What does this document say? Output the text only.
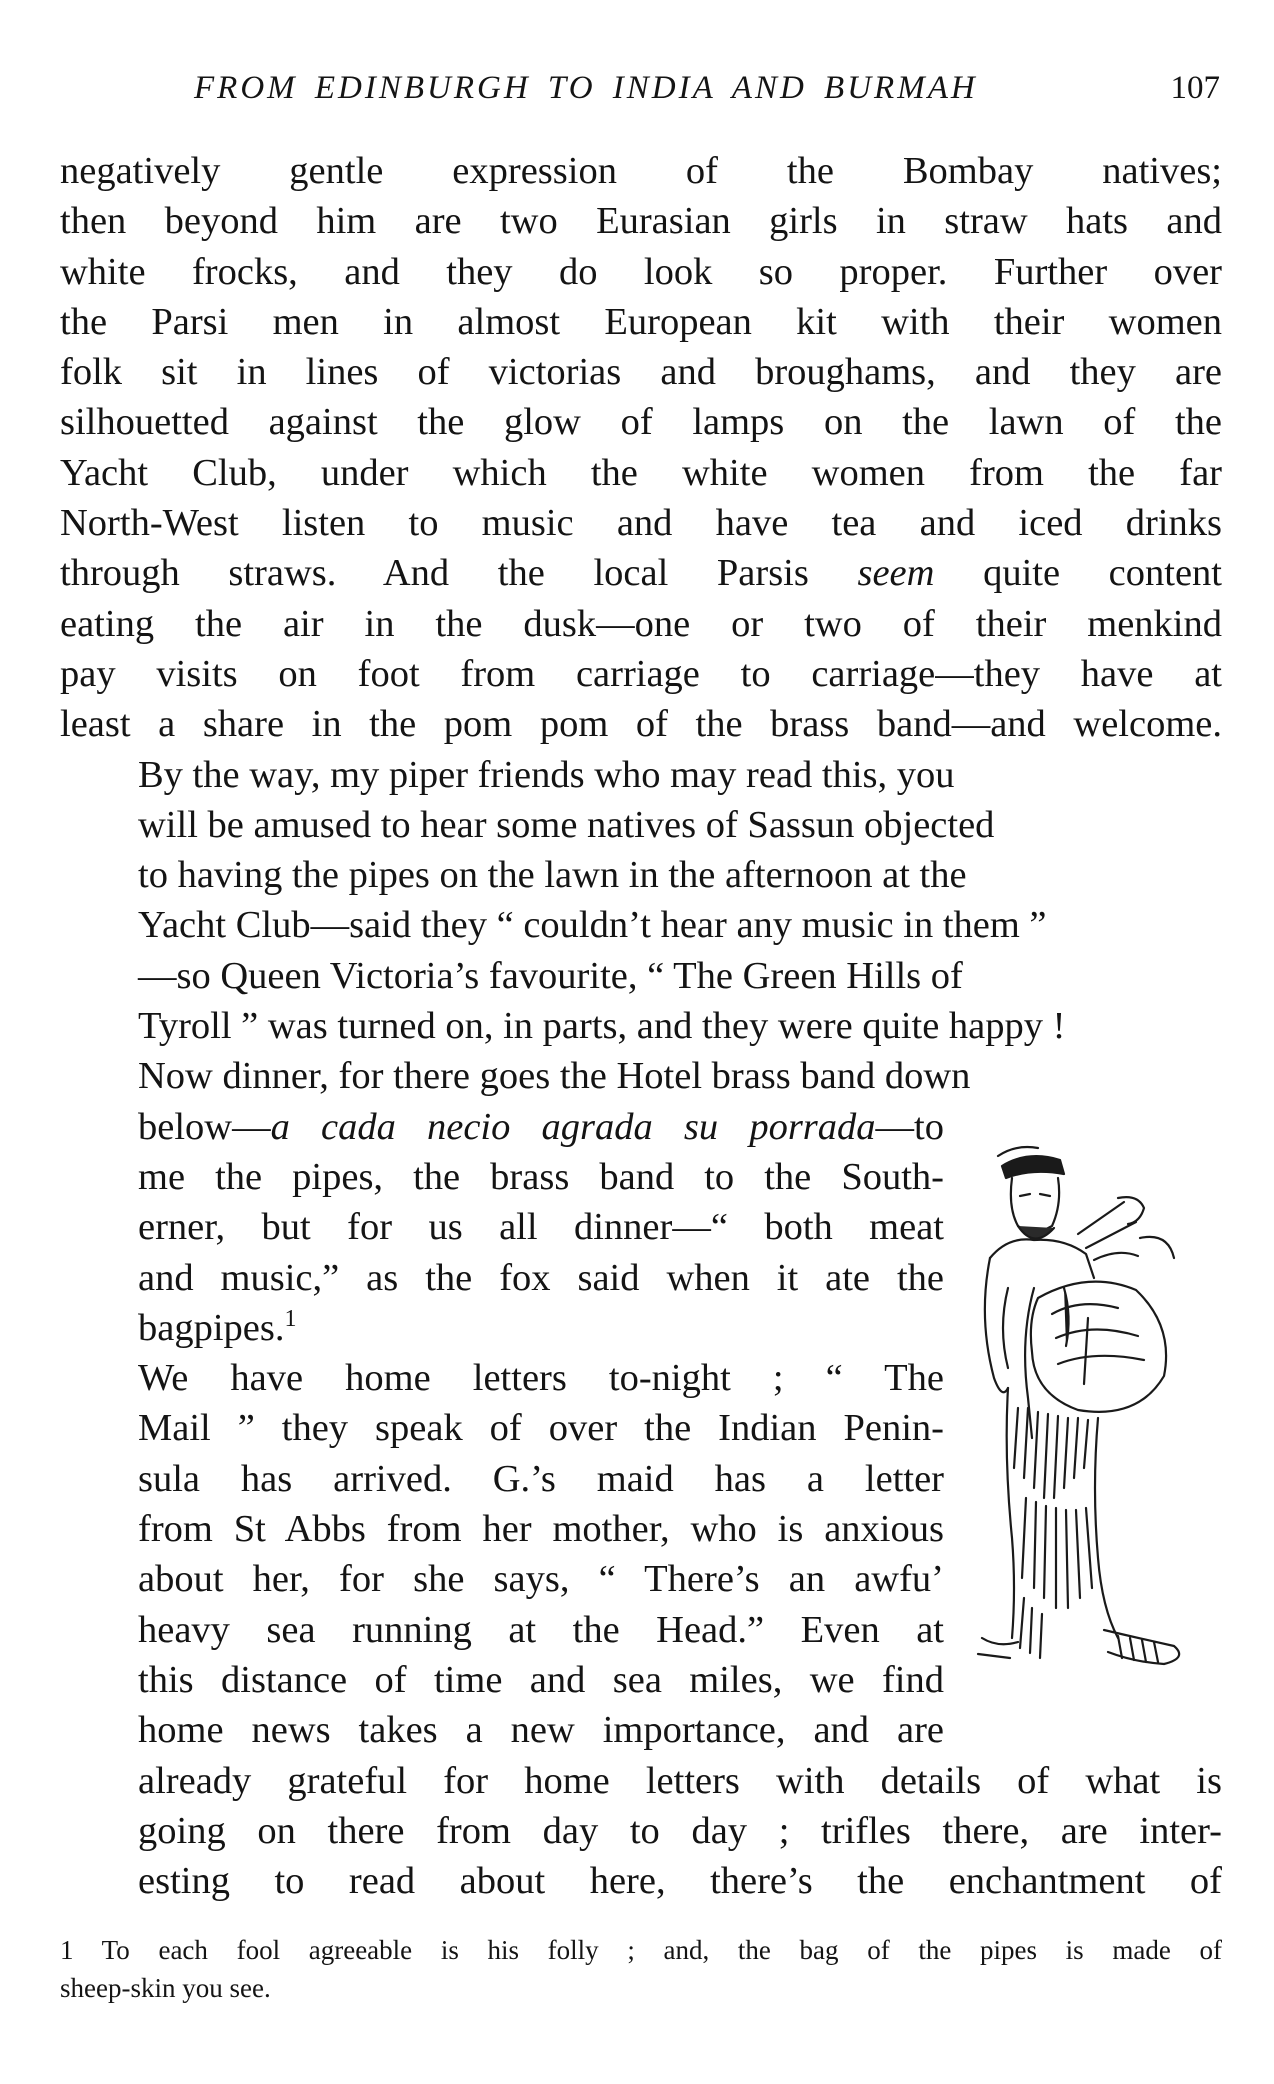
FROM EDINBURGH TO INDIA AND BURMAH	107

negatively gentle expression of the Bombay natives;
then beyond him are two Eurasian girls in straw hats and
white frocks, and they do look so proper. Further over
the Parsi men in almost European kit with their women
folk sit in lines of victorias and broughams, and they are
silhouetted against the glow of lamps on the lawn of the
Yacht Club, under which the white women from the far
North-West listen to music and have tea and iced drinks
through straws. And the local Parsis seem quite content
eating the air in the dusk—one or two of their menkind
pay visits on foot from carriage to carriage—they have at
least a share in the pom pom of the brass band—and welcome.

By the way, my piper friends who may read this, you
will be amused to hear some natives of Sassun objected
to having the pipes on the lawn in the afternoon at the
Yacht Club—said they “ couldn’t hear any music in them ”
—so Queen Victoria’s favourite, “ The Green Hills of
Tyroll ” was turned on, in parts, and they were quite happy !

Now dinner, for there goes the Hotel brass band down
below—a cada necio agrada su porrada—to
me the pipes, the brass band to the South-
erner, but for us all dinner—“ both meat
and music,” as the fox said when it ate the
bagpipes.$^1$

We have home letters to-night ; “ The
Mail ” they speak of over the Indian Penin-
sula has arrived. G.’s maid has a letter
from St Abbs from her mother, who is anxious
about her, for she says, “ There’s an awfu’
heavy sea running at the Head.” Even at
this distance of time and sea miles, we find
home news takes a new importance, and are
already grateful for home letters with details of what is
going on there from day to day ; trifles there, are inter-
esting to read about here, there’s the enchantment of

1 To each fool agreeable is his folly ; and, the bag of the pipes is made of
sheep-skin you see.
